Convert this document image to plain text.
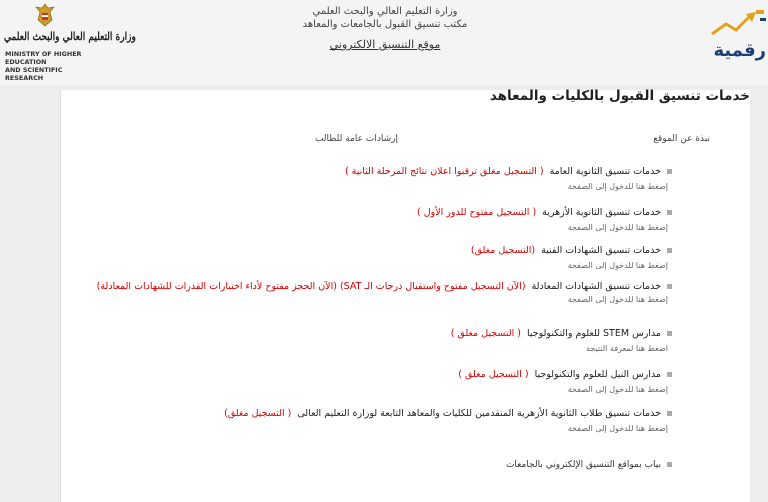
وزارة التعليم العالي والبحث العلمي
MINISTRY OF HIGHER EDUCATION
AND SCIENTIFIC RESEARCH
وزارة التعليم العالي والبحث العلمي
مكتب تنسيق القبول بالجامعات والمعاهد
موقع التنسيق الالكتروني	رقمية
خدمات تنسيق القبول بالكليات والمعاهد
نبذة عن الموقع
إرشادات عامة للطالب
خدمات تنسيق الثانوية العامة( التسجيل مغلق ترقبوا اعلان نتائج المرحلة الثانية )
إضغط هنا للدخول إلى الصفحة
خدمات تنسيق الثانوية الأزهرية( التسجيل مفتوح للدور الأول )
إضغط هنا للدخول إلى الصفحة
خدمات تنسيق الشهادات الفنية(التسجيل مغلق)
إضغط هنا للدخول إلى الصفحة
خدمات تنسيق الشهادات المعادلة(الآن التسجيل مفتوح واستقبال درجات الـ SAT) (الآن الحجز مفتوح لأداء اختبارات القدرات للشهادات المعادلة)
إضغط هنا للدخول إلى الصفحة
مدارس STEM للعلوم والتكنولوجيا( التسجيل مغلق )
اضغط هنا لمعرفة النتيجة
مدارس النيل للعلوم والتكنولوجيا( التسجيل مغلق )
إضغط هنا للدخول إلى الصفحة
خدمات تنسيق طلاب الثانوية الأزهرية المتقدمين للكليات والمعاهد التابعة لوزارة التعليم العالى( التسجيل مغلق)
إضغط هنا للدخول إلى الصفحة
بياب بمواقع التنسيق الإلكتروني بالجامعات
